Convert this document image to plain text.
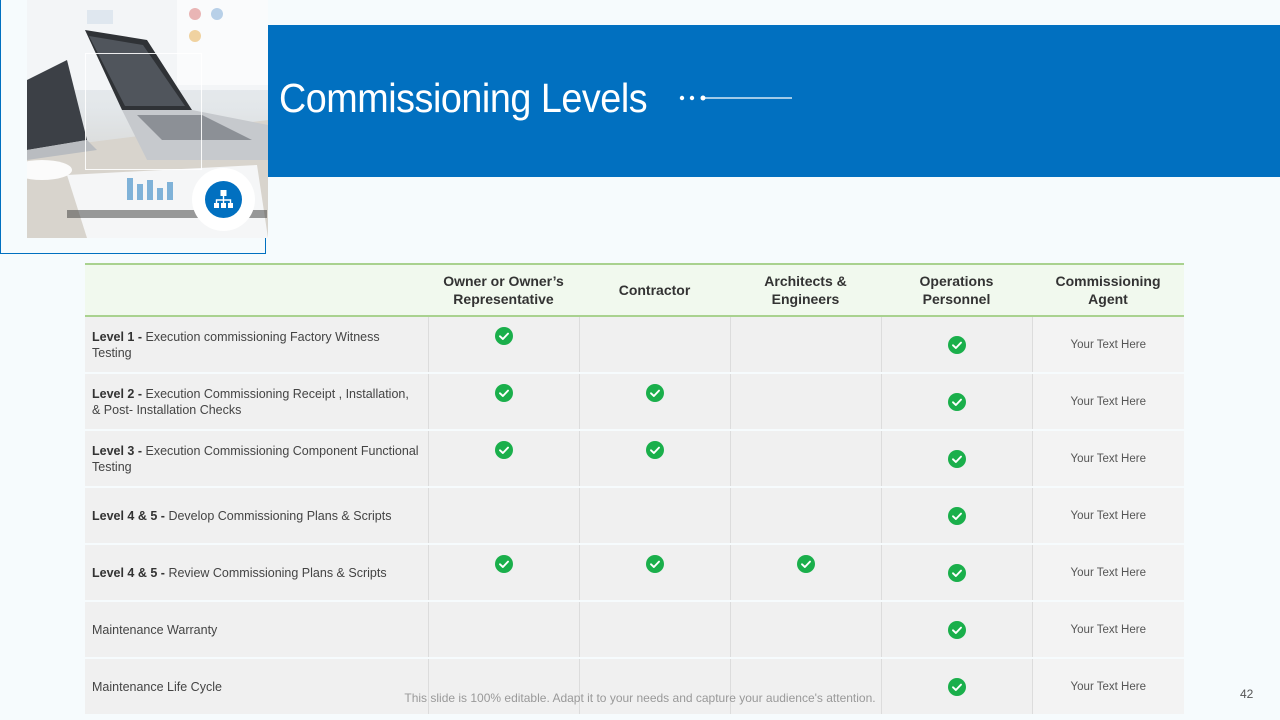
Commissioning Levels
	Owner or Owner’s Representative	Contractor	Architects & Engineers	Operations Personnel	Commissioning Agent
Level 1 - Execution commissioning Factory Witness Testing					Your Text Here
Level 2 - Execution Commissioning Receipt , Installation, & Post- Installation Checks					Your Text Here
Level 3 - Execution Commissioning Component Functional Testing					Your Text Here
Level 4 & 5 - Develop Commissioning Plans & Scripts					Your Text Here
Level 4 & 5 - Review Commissioning Plans & Scripts					Your Text Here
Maintenance Warranty					Your Text Here
Maintenance Life Cycle					Your Text Here
This slide is 100% editable. Adapt it to your needs and capture your audience's attention.	42
